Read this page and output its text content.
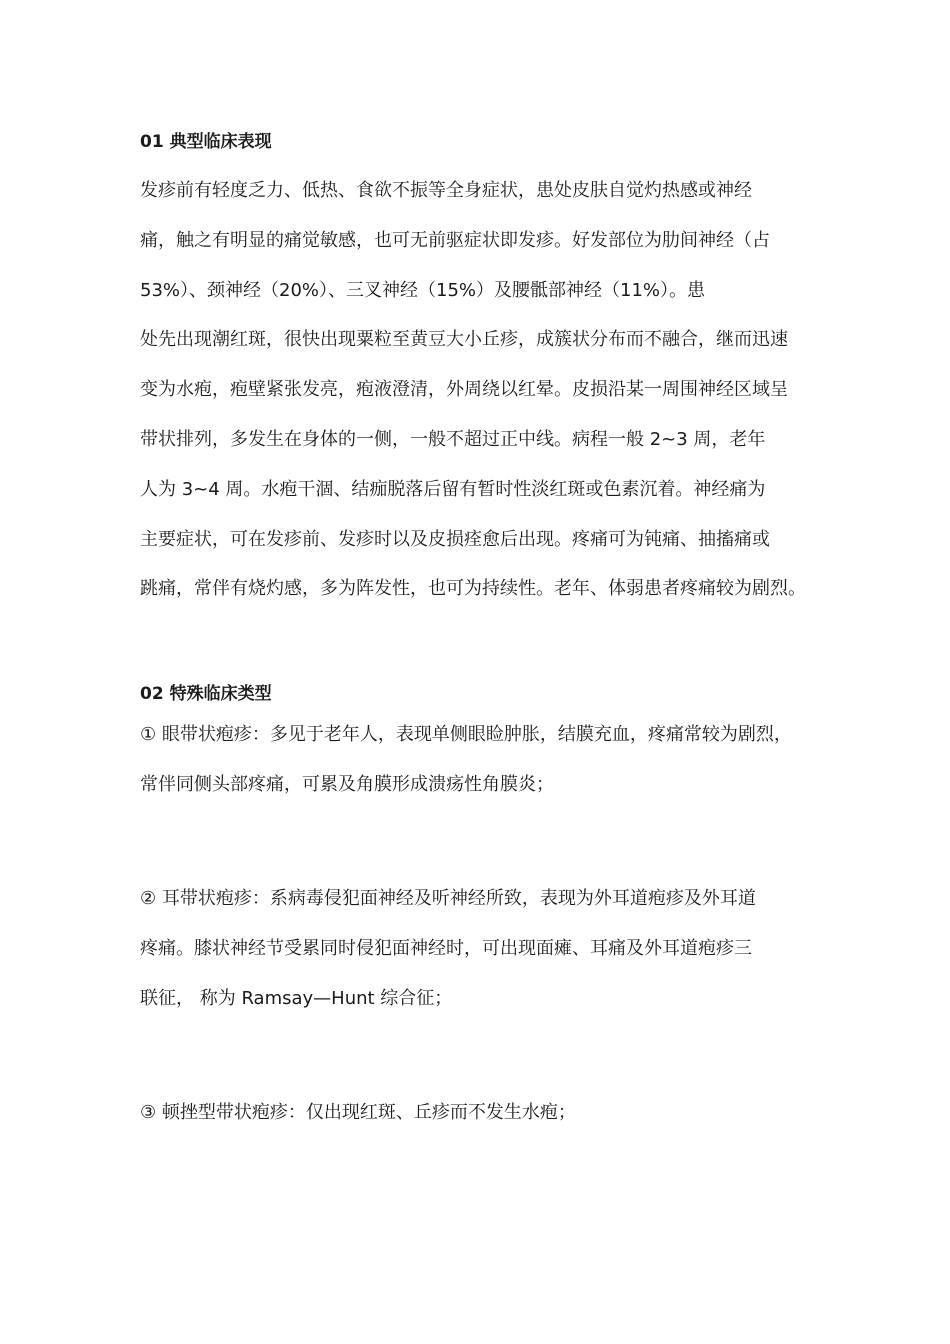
01 典型临床表现
发疹前有轻度乏力、低热、食欲不振等全身症状，患处皮肤自觉灼热感或神经
痛，触之有明显的痛觉敏感，也可无前驱症状即发疹。好发部位为肋间神经（占
53%）、颈神经（20%）、三叉神经（15%）及腰骶部神经（11%）。患
处先出现潮红斑，很快出现粟粒至黄豆大小丘疹，成簇状分布而不融合，继而迅速
变为水疱，疱壁紧张发亮，疱液澄清，外周绕以红晕。皮损沿某一周围神经区域呈
带状排列，多发生在身体的一侧，一般不超过正中线。病程一般 2~3 周，老年
人为 3~4 周。水疱干涸、结痂脱落后留有暂时性淡红斑或色素沉着。神经痛为
主要症状，可在发疹前、发疹时以及皮损痊愈后出现。疼痛可为钝痛、抽搐痛或
跳痛，常伴有烧灼感，多为阵发性，也可为持续性。老年、体弱患者疼痛较为剧烈。
02 特殊临床类型
① 眼带状疱疹：多见于老年人，表现单侧眼睑肿胀，结膜充血，疼痛常较为剧烈，
常伴同侧头部疼痛，可累及角膜形成溃疡性角膜炎；
② 耳带状疱疹：系病毒侵犯面神经及听神经所致，表现为外耳道疱疹及外耳道
疼痛。膝状神经节受累同时侵犯面神经时，可出现面瘫、耳痛及外耳道疱疹三
联征， 称为 Ramsay—Hunt 综合征；
③ 顿挫型带状疱疹：仅出现红斑、丘疹而不发生水疱；
